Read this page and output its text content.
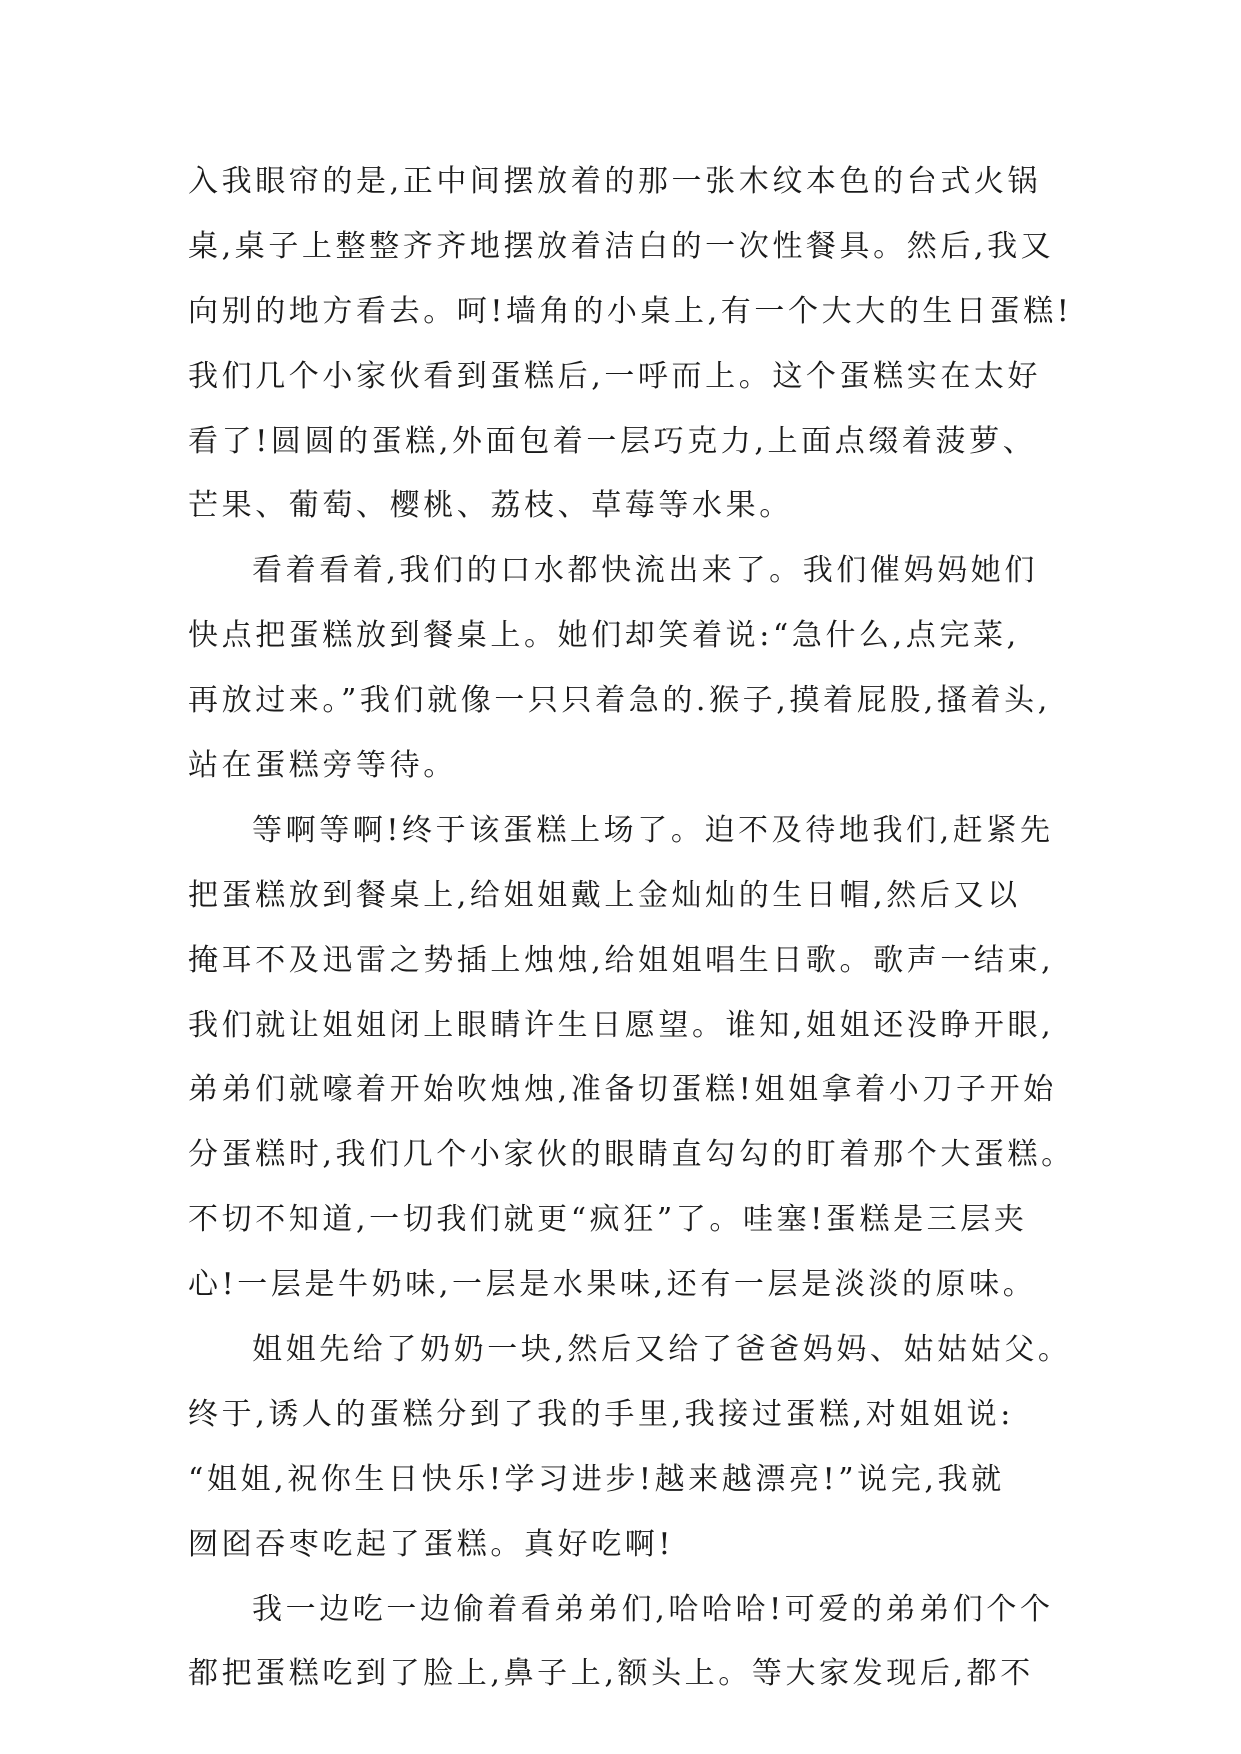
入我眼帘的是,正中间摆放着的那一张木纹本色的台式火锅
桌,桌子上整整齐齐地摆放着洁白的一次性餐具。然后,我又
向别的地方看去。呵!墙角的小桌上,有一个大大的生日蛋糕!
我们几个小家伙看到蛋糕后,一呼而上。这个蛋糕实在太好
看了!圆圆的蛋糕,外面包着一层巧克力,上面点缀着菠萝、
芒果、葡萄、樱桃、荔枝、草莓等水果。
看着看着,我们的口水都快流出来了。我们催妈妈她们
快点把蛋糕放到餐桌上。她们却笑着说:“急什么,点完菜,
再放过来。”我们就像一只只着急的.猴子,摸着屁股,搔着头,
站在蛋糕旁等待。
等啊等啊!终于该蛋糕上场了。迫不及待地我们,赶紧先
把蛋糕放到餐桌上,给姐姐戴上金灿灿的生日帽,然后又以
掩耳不及迅雷之势插上烛烛,给姐姐唱生日歌。歌声一结束,
我们就让姐姐闭上眼睛许生日愿望。谁知,姐姐还没睁开眼,
弟弟们就嚎着开始吹烛烛,准备切蛋糕!姐姐拿着小刀子开始
分蛋糕时,我们几个小家伙的眼睛直勾勾的盯着那个大蛋糕。
不切不知道,一切我们就更“疯狂”了。哇塞!蛋糕是三层夹
心!一层是牛奶味,一层是水果味,还有一层是淡淡的原味。
姐姐先给了奶奶一块,然后又给了爸爸妈妈、姑姑姑父。
终于,诱人的蛋糕分到了我的手里,我接过蛋糕,对姐姐说:
“姐姐,祝你生日快乐!学习进步!越来越漂亮!”说完,我就
囫囵吞枣吃起了蛋糕。真好吃啊!
我一边吃一边偷着看弟弟们,哈哈哈!可爱的弟弟们个个
都把蛋糕吃到了脸上,鼻子上,额头上。等大家发现后,都不
